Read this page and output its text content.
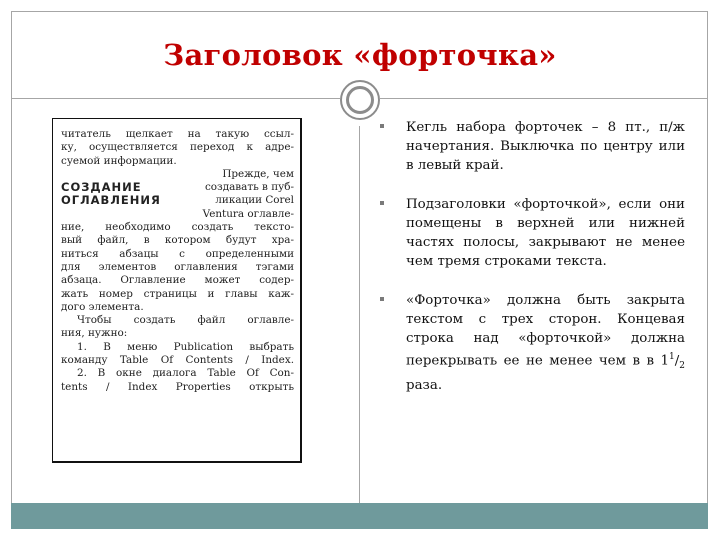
Заголовок «форточка»
читатель щелкает на такую ссыл-
ку, осуществляется переход к адре-
суемой информации.
СОЗДАНИЕ
ОГЛАВЛЕНИЯ
Прежде, чем
создавать в пуб-
ликации Corel
Ventura оглавле-
ние, необходимо создать тексто-
вый файл, в котором будут хра-
ниться абзацы с определенными
для элементов оглавления тэгами
абзаца. Оглавление может содер-
жать номер страницы и главы каж-
дого элемента.
Чтобы создать файл оглавле-
ния, нужно:
1. В меню Publication выбрать
команду Table Of Contents / Index.
2. В окне диалога Table Of Con-
tents / Index Properties открыть
Кегль набора форточек – 8 пт., п/ж начертания. Выключка по центру или в левый край.
Подзаголовки «форточкой», если они помещены в верхней или нижней частях полосы, закрывают не менее чем тремя строками текста.
«Форточка» должна быть закрыта текстом с трех сторон. Концевая строка над «форточкой» должна перекрывать ее не менее чем в в $1^1/_2$ раза.
